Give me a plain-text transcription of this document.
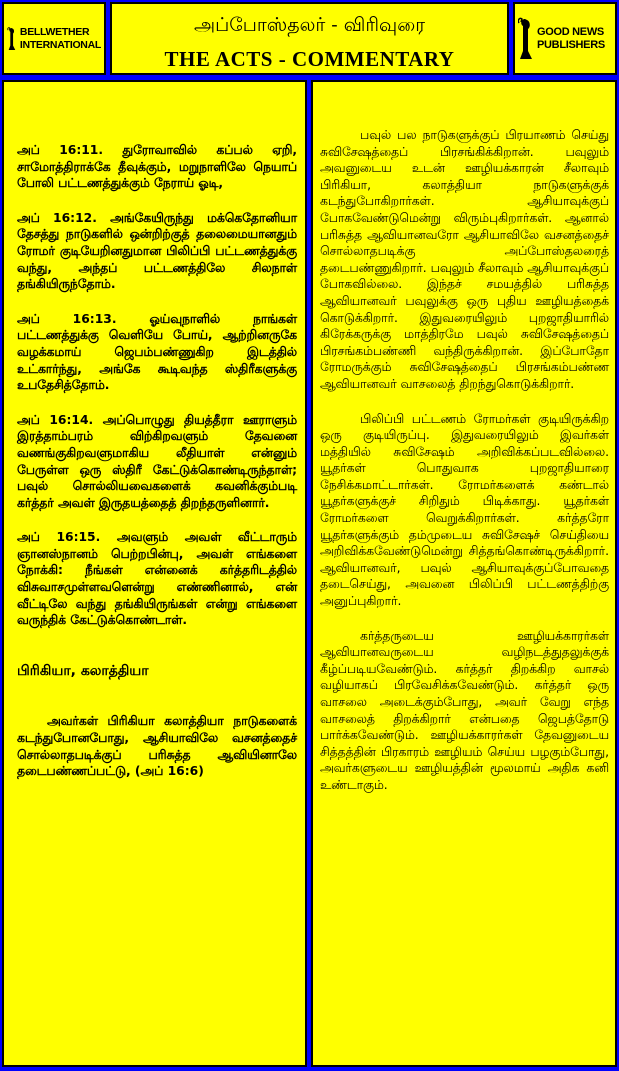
BELLWETHER
INTERNATIONAL
அப்போஸ்தலர் - விரிவுரை
THE ACTS - COMMENTARY
GOOD NEWS
PUBLISHERS

அப் 16:11. துரோவாவில் கப்பல் ஏறி, சாமோத்திராக்கே தீவுக்கும், மறுநாளிலே நெயாப் போலி பட்டணத்துக்கும் நேராய் ஓடி,

அப் 16:12. அங்கேயிருந்து மக்கெதோனியா தேசத்து நாடுகளில் ஒன்றிற்குத் தலைமையானதும் ரோமர் குடியேறினதுமான பிலிப்பி பட்டணத்துக்கு வந்து, அந்தப் பட்டணத்திலே சிலநாள் தங்கியிருந்தோம்.

அப் 16:13. ஓய்வுநாளில் நாங்கள் பட்டணத்துக்கு வெளியே போய், ஆற்றினருகே வழக்கமாய் ஜெபம்பண்ணுகிற இடத்தில் உட்கார்ந்து, அங்கே கூடிவந்த ஸ்திரீகளுக்கு உபதேசித்தோம்.

அப் 16:14. அப்பொழுது தியத்தீரா ஊராளும் இரத்தாம்பரம் விற்கிறவளும் தேவனை வணங்குகிறவளுமாகிய லீதியாள் என்னும் பேருள்ள ஒரு ஸ்திரீ கேட்டுக்கொண்டிருந்தாள்; பவுல் சொல்லியவைகளைக் கவனிக்கும்படி கர்த்தர் அவள் இருதயத்தைத் திறந்தருளினார்.

அப் 16:15. அவளும் அவள் வீட்டாரும் ஞானஸ்நானம் பெற்றபின்பு, அவள் எங்களை நோக்கி: நீங்கள் என்னைக் கர்த்தரிடத்தில் விசுவாசமுள்ளவளென்று எண்ணினால், என் வீட்டிலே வந்து தங்கியிருங்கள் என்று எங்களை வருந்திக் கேட்டுக்கொண்டாள்.

பிரிகியா, கலாத்தியா

அவர்கள் பிரிகியா கலாத்தியா நாடுகளைக் கடந்துபோனபோது, ஆசியாவிலே வசனத்தைச் சொல்லாதபடிக்குப் பரிசுத்த ஆவியினாலே தடைபண்ணப்பட்டு, (அப் 16:6)

பவுல் பல நாடுகளுக்குப் பிரயாணம் செய்து சுவிசேஷத்தைப் பிரசங்கிக்கிறான். பவுலும் அவனுடைய உடன் ஊழியக்காரன் சீலாவும் பிரிகியா, கலாத்தியா நாடுகளுக்குக் கடந்துபோகிறார்கள். ஆசியாவுக்குப் போகவேண்டுமென்று விரும்புகிறார்கள். ஆனால் பரிசுத்த ஆவியானவரோ ஆசியாவிலே வசனத்தைச் சொல்லாதபடிக்கு அப்போஸ்தலரைத் தடைபண்ணுகிறார். பவுலும் சீலாவும் ஆசியாவுக்குப் போகவில்லை. இந்தச் சமயத்தில் பரிசுத்த ஆவியானவர் பவுலுக்கு ஒரு புதிய ஊழியத்தைக் கொடுக்கிறார். இதுவரையிலும் புறஜாதியாரில் கிரேக்கருக்கு மாத்திரமே பவுல் சுவிசேஷத்தைப் பிரசங்கம்பண்ணி வந்திருக்கிறான். இப்போதோ ரோமருக்கும் சுவிசேஷத்தைப் பிரசங்கம்பண்ண ஆவியானவர் வாசலைத் திறந்துகொடுக்கிறார்.

பிலிப்பி பட்டணம் ரோமர்கள் குடியிருக்கிற ஒரு குடியிருப்பு. இதுவரையிலும் இவர்கள் மத்தியில் சுவிசேஷம் அறிவிக்கப்படவில்லை. யூதர்கள் பொதுவாக புறஜாதியாரை நேசிக்கமாட்டார்கள். ரோமர்களைக் கண்டால் யூதர்களுக்குச் சிறிதும் பிடிக்காது. யூதர்கள் ரோமர்களை வெறுக்கிறார்கள். கர்த்தரோ யூதர்களுக்கும் தம்முடைய சுவிசேஷச் செய்தியை அறிவிக்கவேண்டுமென்று சித்தங்கொண்டிருக்கிறார். ஆவியானவர், பவுல் ஆசியாவுக்குப்போவதை தடைசெய்து, அவனை பிலிப்பி பட்டணத்திற்கு அனுப்புகிறார்.

கர்த்தருடைய ஊழியக்காரர்கள் ஆவியானவருடைய வழிநடத்துதலுக்குக் கீழ்ப்படியவேண்டும். கர்த்தர் திறக்கிற வாசல் வழியாகப் பிரவேசிக்கவேண்டும். கர்த்தர் ஒரு வாசலை அடைக்கும்போது, அவர் வேறு எந்த வாசலைத் திறக்கிறார் என்பதை ஜெபத்தோடு பார்க்கவேண்டும். ஊழியக்காரர்கள் தேவனுடைய சித்தத்தின் பிரகாரம் ஊழியம் செய்ய பழகும்போது, அவர்களுடைய ஊழியத்தின் மூலமாய் அதிக கனி உண்டாகும்.
